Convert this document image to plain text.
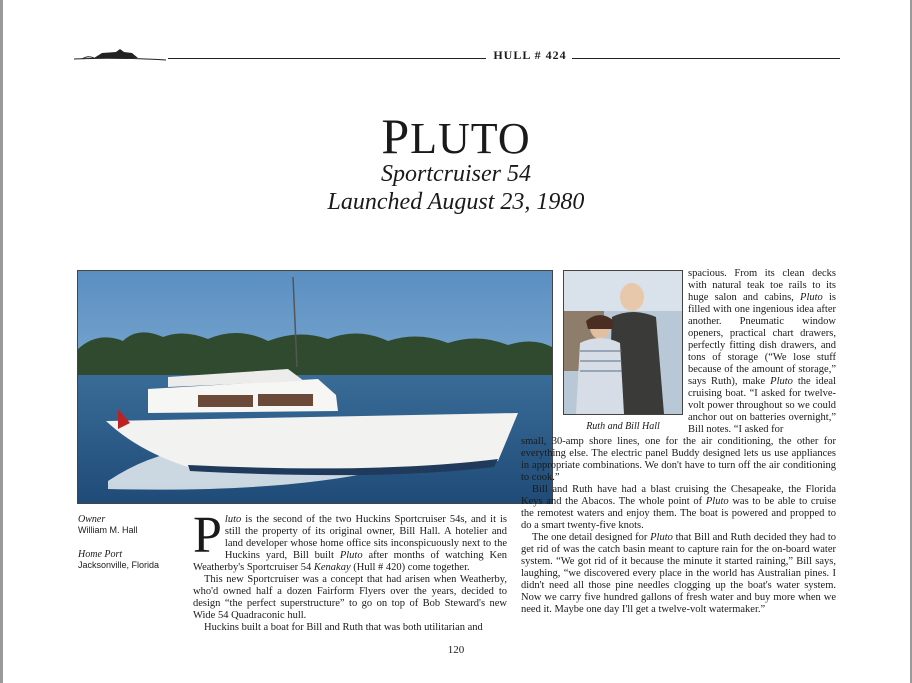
HULL # 424
PLUTO
Sportcruiser 54
Launched August 23, 1980
Ruth and Bill Hall
Owner
William M. Hall
Home Port
Jacksonville, Florida

Pluto is the second of the two Huckins Sportcruiser 54s, and it is still the property of its original owner, Bill Hall. A hotelier and land developer whose home office sits inconspicuously next to the Huckins yard, Bill built Pluto after months of watching Ken Weatherby's Sportcruiser 54 Kenakay (Hull # 420) come together.

This new Sportcruiser was a concept that had arisen when Weatherby, who'd owned half a dozen Fairform Flyers over the years, decided to design “the perfect superstructure” to go on top of Bob Steward's new Wide 54 Quadraconic hull.

Huckins built a boat for Bill and Ruth that was both utilitarian and

spacious. From its clean decks with natural teak toe rails to its huge salon and cabins, Pluto is filled with one ingenious idea after another. Pneumatic window openers, practical chart drawers, perfectly fitting dish drawers, and tons of storage (“We lose stuff because of the amount of storage,” says Ruth), make Pluto the ideal cruising boat. “I asked for twelve-volt power throughout so we could anchor out on batteries overnight,” Bill notes. “I asked for

small, 30-amp shore lines, one for the air conditioning, the other for everything else. The electric panel Buddy designed lets us use appliances in appropriate combinations. We don't have to turn off the air conditioning to cook.”

Bill and Ruth have had a blast cruising the Chesapeake, the Florida Keys and the Abacos. The whole point of Pluto was to be able to cruise the remotest waters and enjoy them. The boat is powered and propped to do a smart twenty-five knots.

The one detail designed for Pluto that Bill and Ruth decided they had to get rid of was the catch basin meant to capture rain for the on-board water system. “We got rid of it because the minute it started raining,” Bill says, laughing, “we discovered every place in the world has Australian pines. I didn't need all those pine needles clogging up the boat's water system. Now we carry five hundred gallons of fresh water and buy more when we need it. Maybe one day I'll get a twelve-volt watermaker.”

120
